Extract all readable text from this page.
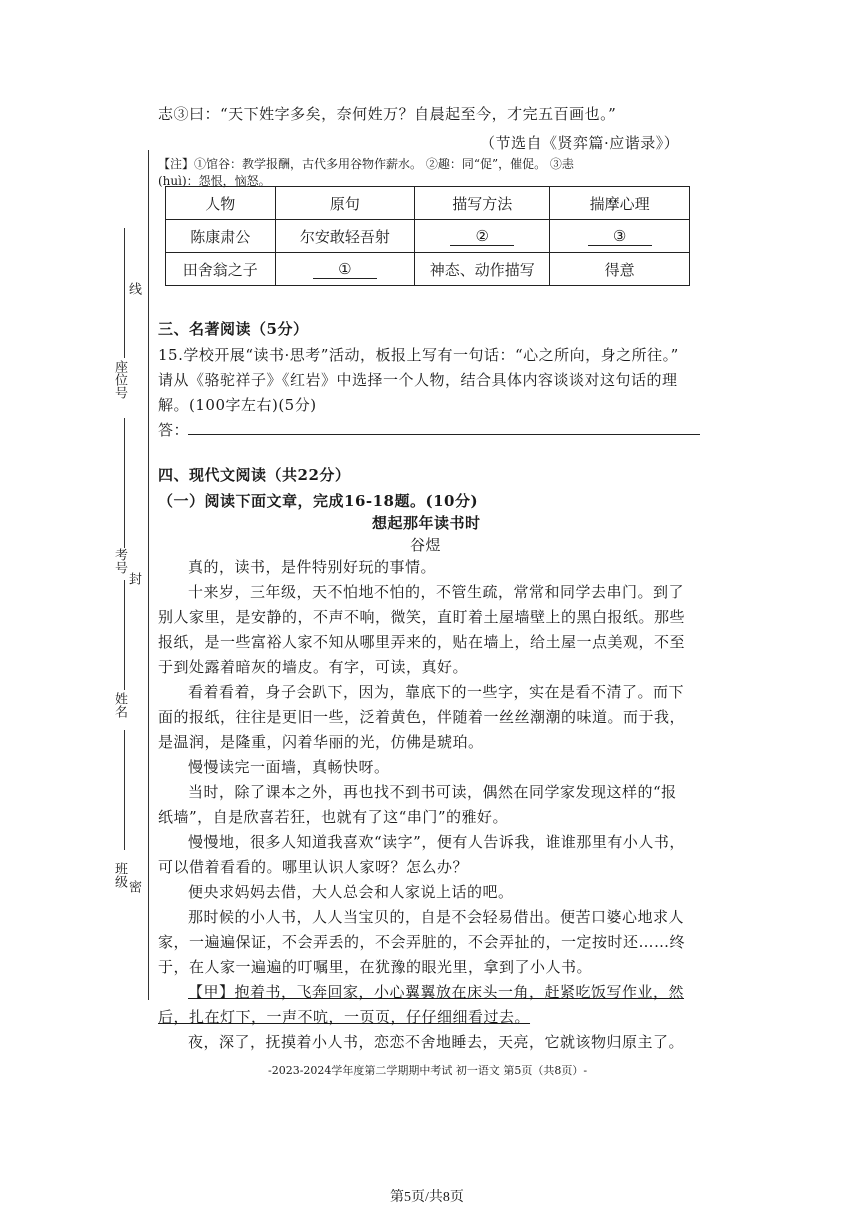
线
座位号
考号
封
姓名
班级 密
志③曰：“天下姓字多矣，奈何姓万？自晨起至今，才完五百画也。”
（节选自《贤弈篇·应谐录》）
【注】①馆谷：教学报酬，古代多用谷物作薪水。 ②趣：同“促”，催促。 ③恚
(huì)：怨恨，恼怒。
人物	原句	描写方法	揣摩心理
陈康肃公	尔安敢轻吾射	②	③
田舍翁之子	①	神态、动作描写	得意
三、名著阅读（5分）
15.学校开展“读书·思考”活动，板报上写有一句话：“心之所向，身之所往。”
请从《骆驼祥子》《红岩》中选择一个人物，结合具体内容谈谈对这句话的理
解。(100字左右)(5分)
答：
四、现代文阅读（共22分）
（一）阅读下面文章，完成16-18题。(10分)
想起那年读书时
谷煜
真的，读书，是件特别好玩的事情。
十来岁，三年级，天不怕地不怕的，不管生疏，常常和同学去串门。到了
别人家里，是安静的，不声不响，微笑，直盯着土屋墙壁上的黑白报纸。那些
报纸，是一些富裕人家不知从哪里弄来的，贴在墙上，给土屋一点美观，不至
于到处露着暗灰的墙皮。有字，可读，真好。
看着看着，身子会趴下，因为，靠底下的一些字，实在是看不清了。而下
面的报纸，往往是更旧一些，泛着黄色，伴随着一丝丝潮潮的味道。而于我，
是温润，是隆重，闪着华丽的光，仿佛是琥珀。
慢慢读完一面墙，真畅快呀。
当时，除了课本之外，再也找不到书可读，偶然在同学家发现这样的“报
纸墙”，自是欣喜若狂，也就有了这“串门”的雅好。
慢慢地，很多人知道我喜欢“读字”，便有人告诉我，谁谁那里有小人书，
可以借着看看的。哪里认识人家呀？怎么办？
便央求妈妈去借，大人总会和人家说上话的吧。
那时候的小人书，人人当宝贝的，自是不会轻易借出。便苦口婆心地求人
家，一遍遍保证，不会弄丢的，不会弄脏的，不会弄扯的，一定按时还……终
于，在人家一遍遍的叮嘱里，在犹豫的眼光里，拿到了小人书。
【甲】抱着书，飞奔回家，小心翼翼放在床头一角，赶紧吃饭写作业，然
后，扎在灯下，一声不吭，一页页，仔仔细细看过去。
夜，深了，抚摸着小人书，恋恋不舍地睡去，天亮，它就该物归原主了。
-2023-2024学年度第二学期期中考试 初一语文 第5页（共8页）-
第5页/共8页
